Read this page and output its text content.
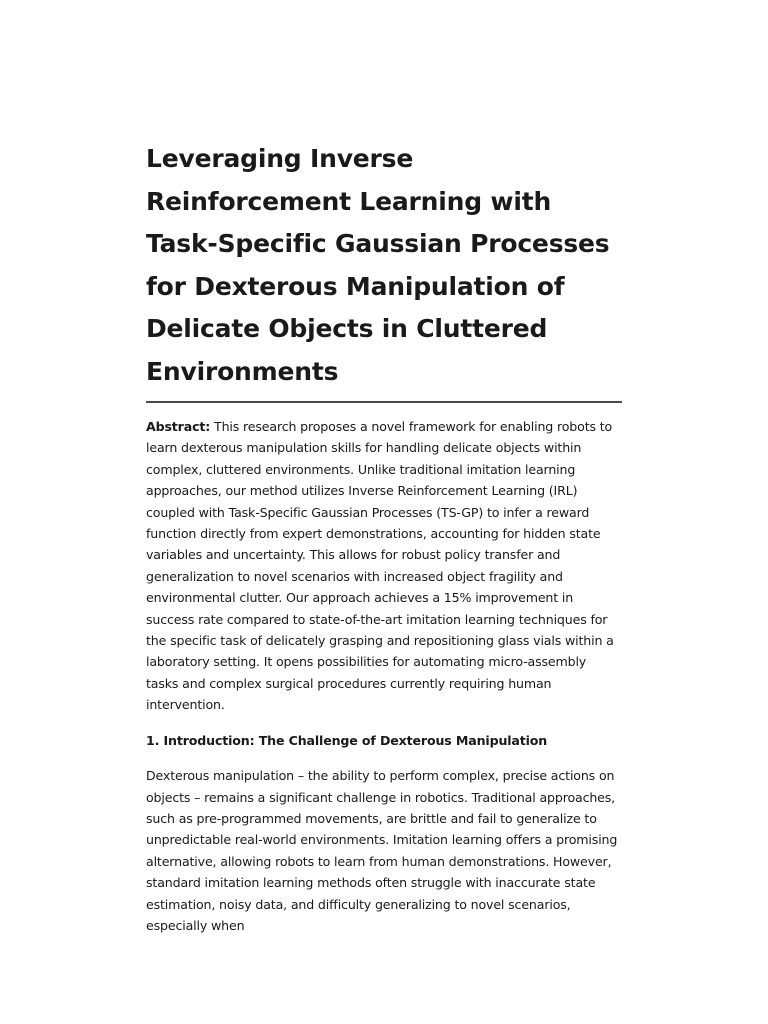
Leveraging Inverse Reinforcement Learning with Task-Specific Gaussian Processes for Dexterous Manipulation of Delicate Objects in Cluttered Environments

Abstract: This research proposes a novel framework for enabling robots to learn dexterous manipulation skills for handling delicate objects within complex, cluttered environments. Unlike traditional imitation learning approaches, our method utilizes Inverse Reinforcement Learning (IRL) coupled with Task-Specific Gaussian Processes (TS-GP) to infer a reward function directly from expert demonstrations, accounting for hidden state variables and uncertainty. This allows for robust policy transfer and generalization to novel scenarios with increased object fragility and environmental clutter. Our approach achieves a 15% improvement in success rate compared to state-of-the-art imitation learning techniques for the specific task of delicately grasping and repositioning glass vials within a laboratory setting. It opens possibilities for automating micro-assembly tasks and complex surgical procedures currently requiring human intervention.

1. Introduction: The Challenge of Dexterous Manipulation

Dexterous manipulation – the ability to perform complex, precise actions on objects – remains a significant challenge in robotics. Traditional approaches, such as pre-programmed movements, are brittle and fail to generalize to unpredictable real-world environments. Imitation learning offers a promising alternative, allowing robots to learn from human demonstrations. However, standard imitation learning methods often struggle with inaccurate state estimation, noisy data, and difficulty generalizing to novel scenarios, especially when
